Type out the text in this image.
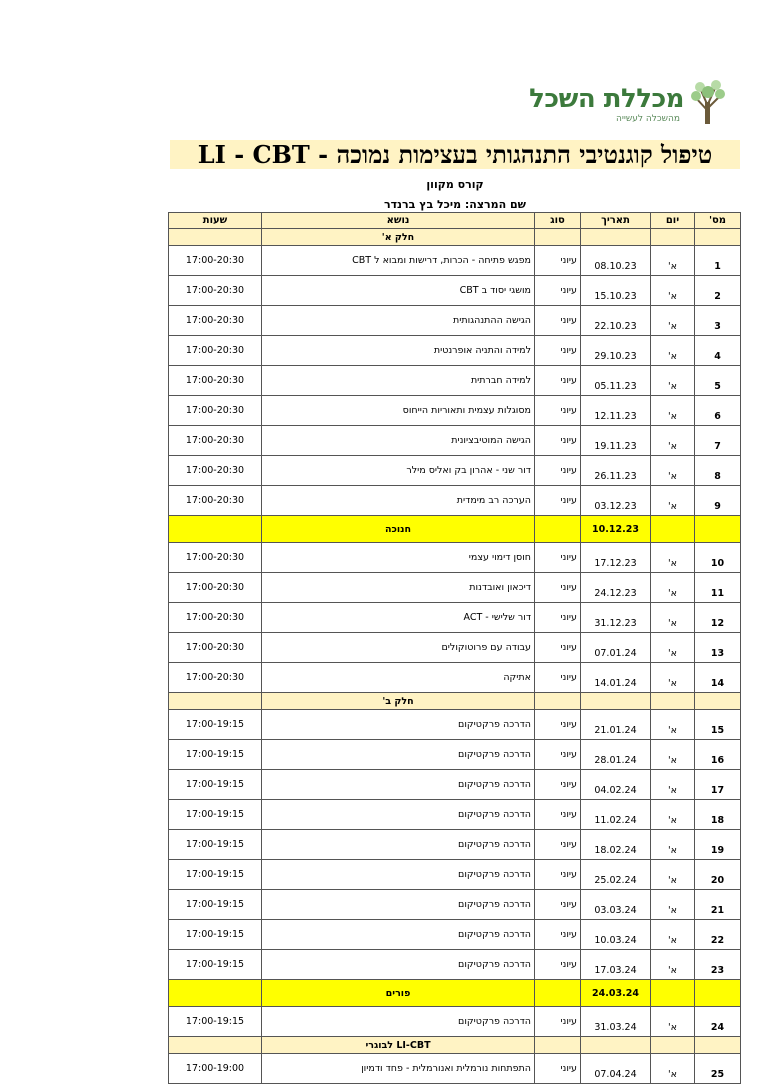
מכללת השכל
מהשכלה לעשייה
טיפול קוגנטיבי התנהגותי בעצימות נמוכה - LI - CBT
קורס מקוון
שם המרצה: מיכל בץ ברנדר
מס'	יום	תאריך	סוג	נושא	שעות
				חלק א'	
1	א'	08.10.23	עיוני	מפגש פתיחה - הכרות, דרישות ומבוא ל CBT	17:00-20:30
2	א'	15.10.23	עיוני	מושגי יסוד ב CBT	17:00-20:30
3	א'	22.10.23	עיוני	הגישה ההתנהגותית	17:00-20:30
4	א'	29.10.23	עיוני	למידה והתניה אופרנטית	17:00-20:30
5	א'	05.11.23	עיוני	למידה חברתית	17:00-20:30
6	א'	12.11.23	עיוני	מסוגלות עצמית ותאוריות הייחוס	17:00-20:30
7	א'	19.11.23	עיוני	הגישה המוטיבציונית	17:00-20:30
8	א'	26.11.23	עיוני	דור שני - אהרון בק ואליס מילר	17:00-20:30
9	א'	03.12.23	עיוני	הערכה רב מימדית	17:00-20:30
		10.12.23		חנוכה	
10	א'	17.12.23	עיוני	חוסן דימוי עצמי	17:00-20:30
11	א'	24.12.23	עיוני	דיכאון ואובדנות	17:00-20:30
12	א'	31.12.23	עיוני	דור שלישי - ACT	17:00-20:30
13	א'	07.01.24	עיוני	עבודה עם פרוטוקולים	17:00-20:30
14	א'	14.01.24	עיוני	אתיקה	17:00-20:30
				חלק ב'	
15	א'	21.01.24	עיוני	הדרכה פרקטיקום	17:00-19:15
16	א'	28.01.24	עיוני	הדרכה פרקטיקום	17:00-19:15
17	א'	04.02.24	עיוני	הדרכה פרקטיקום	17:00-19:15
18	א'	11.02.24	עיוני	הדרכה פרקטיקום	17:00-19:15
19	א'	18.02.24	עיוני	הדרכה פרקטיקום	17:00-19:15
20	א'	25.02.24	עיוני	הדרכה פרקטיקום	17:00-19:15
21	א'	03.03.24	עיוני	הדרכה פרקטיקום	17:00-19:15
22	א'	10.03.24	עיוני	הדרכה פרקטיקום	17:00-19:15
23	א'	17.03.24	עיוני	הדרכה פרקטיקום	17:00-19:15
		24.03.24		פורים	
24	א'	31.03.24	עיוני	הדרכה פרקטיקום	17:00-19:15
				לבוגרי LI-CBT	
25	א'	07.04.24	עיוני	התפתחות נורמלית ואנורמלית - פחד ודמיון	17:00-19:00
